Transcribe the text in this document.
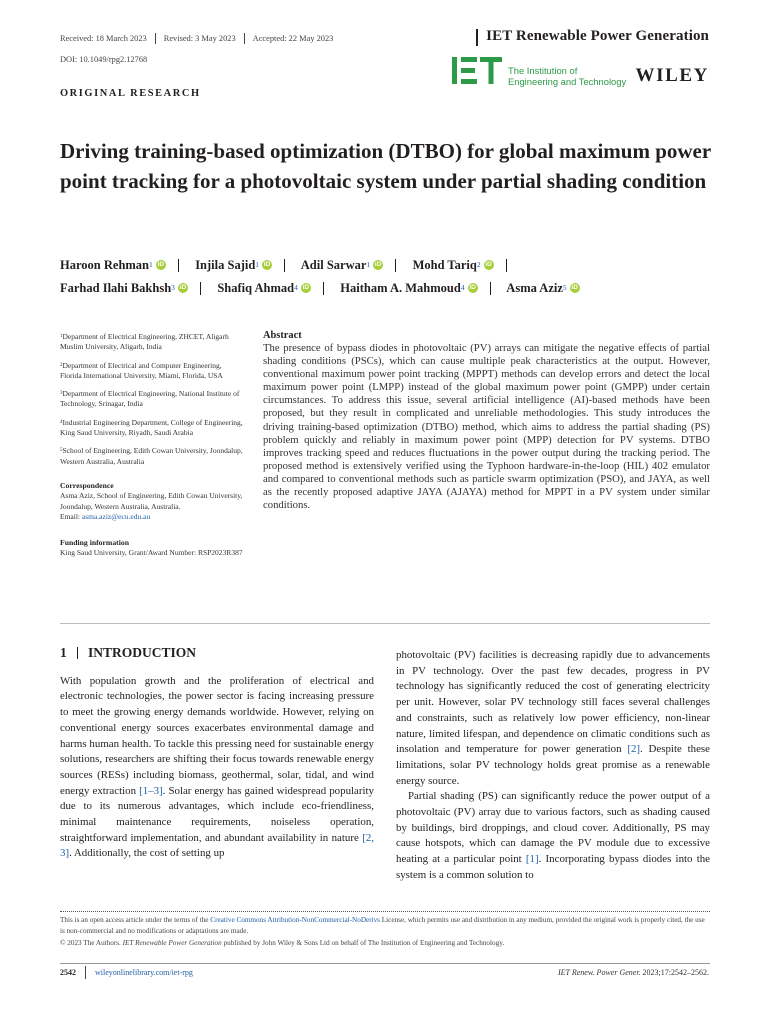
Received: 18 March 2023 Revised: 3 May 2023 Accepted: 22 May 2023
DOI: 10.1049/rpg2.12768
IET Renewable Power Generation
The Institution of
Engineering and Technology WILEY
ORIGINAL RESEARCH
Driving training-based optimization (DTBO) for global maximum power point tracking for a photovoltaic system under partial shading condition
Haroon Rehman$^1$ iD Injila Sajid$^1$ iD Adil Sarwar$^1$ iD Mohd Tariq$^2$ iD
Farhad Ilahi Bakhsh$^3$ iD Shafiq Ahmad$^4$ iD Haitham A. Mahmoud$^4$ iD Asma Aziz$^5$ iD
$^1$Department of Electrical Engineering, ZHCET, Aligarh Muslim University, Aligarh, India
$^2$Department of Electrical and Computer Engineering, Florida International University, Miami, Florida, USA
$^3$Department of Electrical Engineering, National Institute of Technology, Srinagar, India
$^4$Industrial Engineering Department, College of Engineering, King Saud University, Riyadh, Saudi Arabia
$^5$School of Engineering, Edith Cowan University, Joondalup, Western Australia, Australia
Correspondence
Asma Aziz, School of Engineering, Edith Cowan University, Joondalup, Western Australia, Australia.
Email: asma.aziz@ecu.edu.au
Funding information
King Saud University, Grant/Award Number: RSP2023R387
Abstract

The presence of bypass diodes in photovoltaic (PV) arrays can mitigate the negative effects of partial shading conditions (PSCs), which can cause multiple peak characteristics at the output. However, conventional maximum power point tracking (MPPT) methods can develop errors and detect the local maximum power point (LMPP) instead of the global maximum power point (GMPP) under certain circumstances. To address this issue, several artificial intelligence (AI)-based methods have been proposed, but they result in complicated and unreliable methodologies. This study introduces the driving training-based optimization (DTBO) method, which aims to address the partial shading (PS) problem quickly and reliably in maximum power point (MPP) detection for PV systems. DTBO improves tracking speed and reduces fluctuations in the power output during the tracking period. The proposed method is extensively verified using the Typhoon hardware-in-the-loop (HIL) 402 emulator and compared to conventional methods such as particle swarm optimization (PSO), and JAYA, as well as the recently proposed adaptive JAYA (AJAYA) method for MPPT in a PV system under similar conditions.

1 INTRODUCTION

With population growth and the proliferation of electrical and electronic technologies, the power sector is facing increasing pressure to meet the growing energy demands worldwide. However, relying on conventional energy sources exacerbates environmental damage and harms human health. To tackle this pressing need for sustainable energy solutions, researchers are shifting their focus towards renewable energy sources (RESs) including biomass, geothermal, solar, tidal, and wind energy extraction [1–3]. Solar energy has gained widespread popularity due to its numerous advantages, which include eco-friendliness, minimal maintenance requirements, noiseless operation, straightforward implementation, and abundant availability in nature [2, 3]. Additionally, the cost of setting up

photovoltaic (PV) facilities is decreasing rapidly due to advancements in PV technology. Over the past few decades, progress in PV technology has significantly reduced the cost of generating electricity per unit. However, solar PV technology still faces several challenges and constraints, such as relatively low power efficiency, non-linear nature, limited lifespan, and dependence on climatic conditions such as insolation and temperature for power generation [2]. Despite these limitations, solar PV technology holds great promise as a renewable energy source.

Partial shading (PS) can significantly reduce the power output of a photovoltaic (PV) array due to various factors, such as shading caused by buildings, bird droppings, and cloud cover. Additionally, PS may cause hotspots, which can damage the PV module due to excessive heating at a particular point [1]. Incorporating bypass diodes into the system is a common solution to

This is an open access article under the terms of the Creative Commons Attribution-NonCommercial-NoDerivs License, which permits use and distribution in any medium, provided the original work is properly cited, the use is non-commercial and no modifications or adaptations are made.
© 2023 The Authors. IET Renewable Power Generation published by John Wiley & Sons Ltd on behalf of The Institution of Engineering and Technology.
2542 wileyonlinelibrary.com/iet-rpg	IET Renew. Power Gener. 2023;17:2542–2562.
